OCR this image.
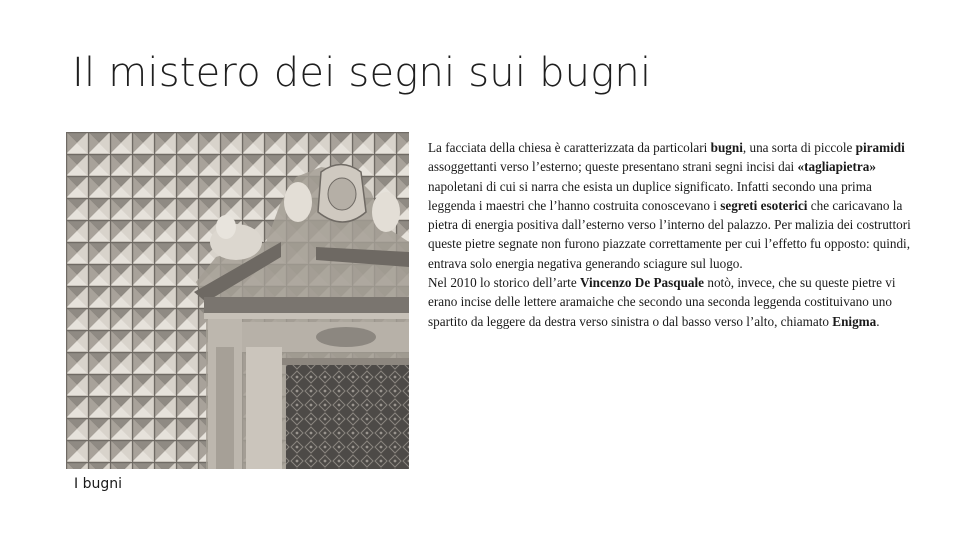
Il mistero dei segni sui bugni
I bugni

La facciata della chiesa è caratterizzata da particolari bugni, una sorta di piccole piramidi assoggettanti verso l’esterno; queste presentano strani segni incisi dai «tagliapietra» napoletani di cui si narra che esista un duplice significato. Infatti secondo una prima leggenda i maestri che l’hanno costruita conoscevano i segreti esoterici che caricavano la pietra di energia positiva dall’esterno verso l’interno del palazzo. Per malizia dei costruttori queste pietre segnate non furono piazzate correttamente per cui l’effetto fu opposto: quindi, entrava solo energia negativa generando sciagure sul luogo.

Nel 2010 lo storico dell’arte Vincenzo De Pasquale notò, invece, che su queste pietre vi erano incise delle lettere aramaiche che secondo una seconda leggenda costituivano uno spartito da leggere da destra verso sinistra o dal basso verso l’alto, chiamato Enigma.
